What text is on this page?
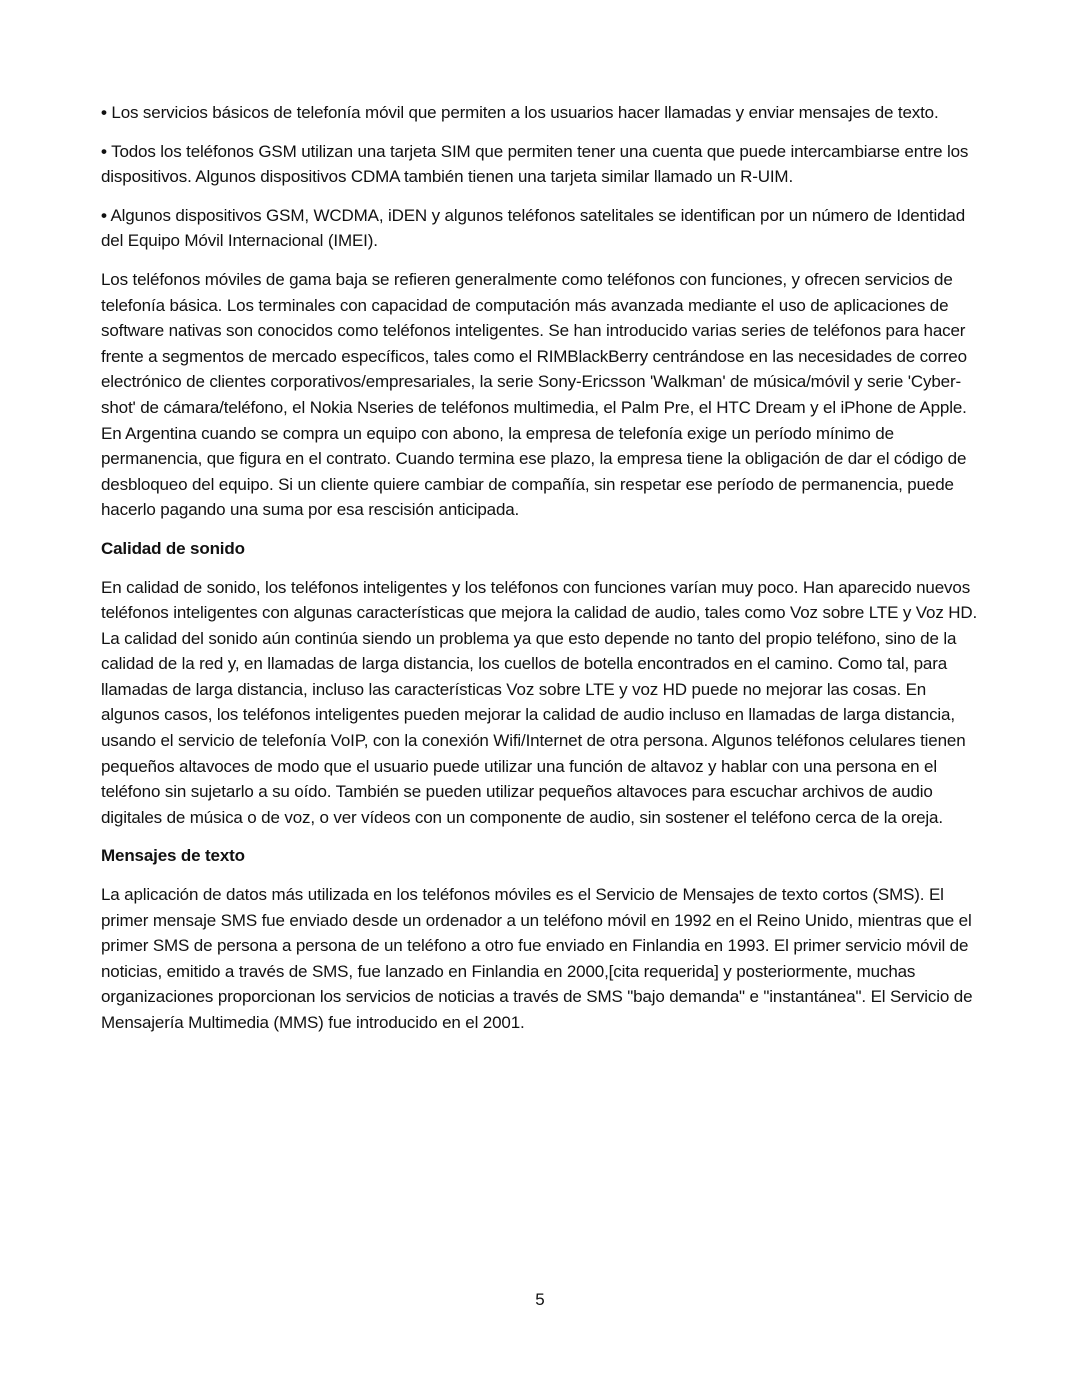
• Los servicios básicos de telefonía móvil que permiten a los usuarios hacer llamadas y enviar mensajes de texto.

• Todos los teléfonos GSM utilizan una tarjeta SIM que permiten tener una cuenta que puede intercambiarse entre los dispositivos. Algunos dispositivos CDMA también tienen una tarjeta similar llamado un R-UIM.

• Algunos dispositivos GSM, WCDMA, iDEN y algunos teléfonos satelitales se identifican por un número de Identidad del Equipo Móvil Internacional (IMEI).

Los teléfonos móviles de gama baja se refieren generalmente como teléfonos con funciones, y ofrecen servicios de telefonía básica. Los terminales con capacidad de computación más avanzada mediante el uso de aplicaciones de software nativas son conocidos como teléfonos inteligentes. Se han introducido varias series de teléfonos para hacer frente a segmentos de mercado específicos, tales como el RIMBlackBerry centrándose en las necesidades de correo electrónico de clientes corporativos/empresariales, la serie Sony-Ericsson 'Walkman' de música/móvil y serie 'Cyber-shot' de cámara/teléfono, el Nokia Nseries de teléfonos multimedia, el Palm Pre, el HTC Dream y el iPhone de Apple. En Argentina cuando se compra un equipo con abono, la empresa de telefonía exige un período mínimo de permanencia, que figura en el contrato. Cuando termina ese plazo, la empresa tiene la obligación de dar el código de desbloqueo del equipo. Si un cliente quiere cambiar de compañía, sin respetar ese período de permanencia, puede hacerlo pagando una suma por esa rescisión anticipada.

Calidad de sonido

En calidad de sonido, los teléfonos inteligentes y los teléfonos con funciones varían muy poco. Han aparecido nuevos teléfonos inteligentes con algunas características que mejora la calidad de audio, tales como Voz sobre LTE y Voz HD. La calidad del sonido aún continúa siendo un problema ya que esto depende no tanto del propio teléfono, sino de la calidad de la red y, en llamadas de larga distancia, los cuellos de botella encontrados en el camino. Como tal, para llamadas de larga distancia, incluso las características Voz sobre LTE y voz HD puede no mejorar las cosas. En algunos casos, los teléfonos inteligentes pueden mejorar la calidad de audio incluso en llamadas de larga distancia, usando el servicio de telefonía VoIP, con la conexión Wifi/Internet de otra persona. Algunos teléfonos celulares tienen pequeños altavoces de modo que el usuario puede utilizar una función de altavoz y hablar con una persona en el teléfono sin sujetarlo a su oído. También se pueden utilizar pequeños altavoces para escuchar archivos de audio digitales de música o de voz, o ver vídeos con un componente de audio, sin sostener el teléfono cerca de la oreja.

Mensajes de texto

La aplicación de datos más utilizada en los teléfonos móviles es el Servicio de Mensajes de texto cortos (SMS). El primer mensaje SMS fue enviado desde un ordenador a un teléfono móvil en 1992 en el Reino Unido, mientras que el primer SMS de persona a persona de un teléfono a otro fue enviado en Finlandia en 1993. El primer servicio móvil de noticias, emitido a través de SMS, fue lanzado en Finlandia en 2000,[cita requerida] y posteriormente, muchas organizaciones proporcionan los servicios de noticias a través de SMS "bajo demanda" e "instantánea". El Servicio de Mensajería Multimedia (MMS) fue introducido en el 2001.

5
